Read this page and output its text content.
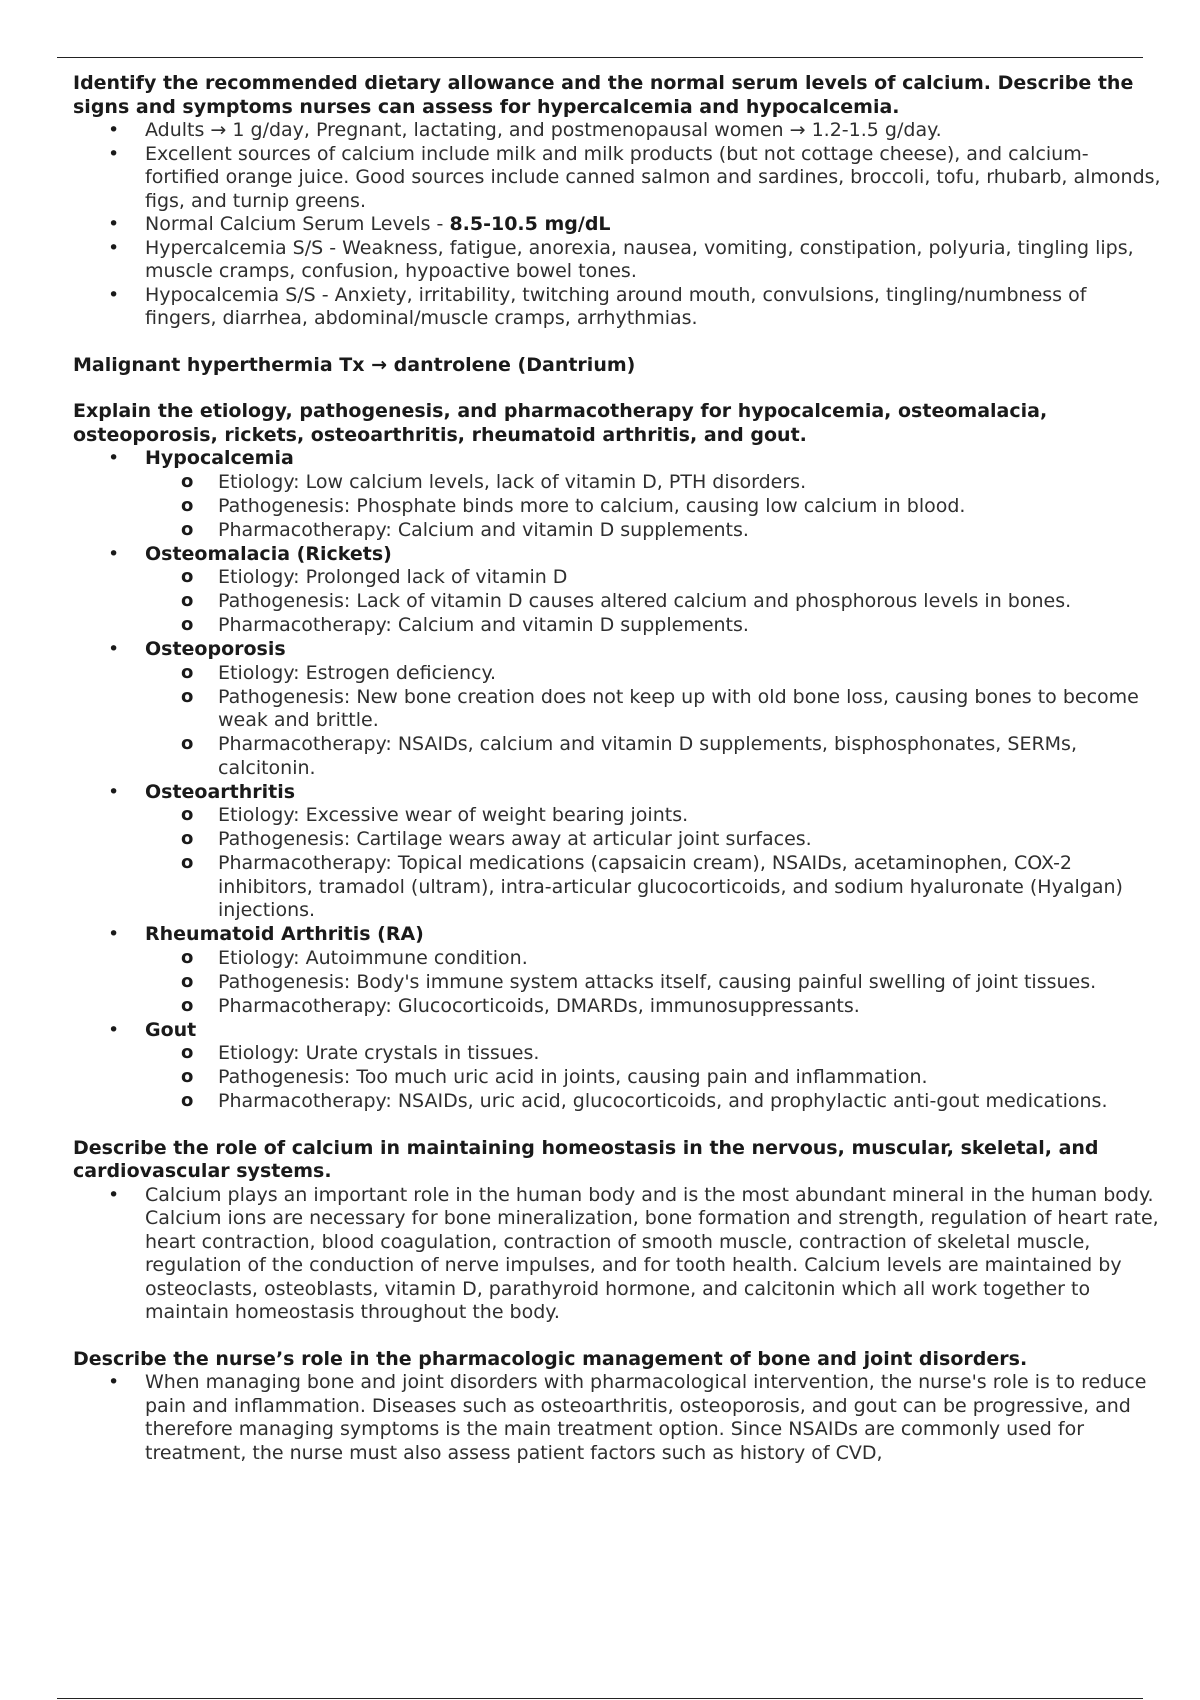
Identify the recommended dietary allowance and the normal serum levels of calcium. Describe the signs and symptoms nurses can assess for hypercalcemia and hypocalcemia.
• Adults → 1 g/day, Pregnant, lactating, and postmenopausal women → 1.2-1.5 g/day.
• Excellent sources of calcium include milk and milk products (but not cottage cheese), and calcium-fortified orange juice. Good sources include canned salmon and sardines, broccoli, tofu, rhubarb, almonds, figs, and turnip greens.
• Normal Calcium Serum Levels - 8.5-10.5 mg/dL
• Hypercalcemia S/S - Weakness, fatigue, anorexia, nausea, vomiting, constipation, polyuria, tingling lips, muscle cramps, confusion, hypoactive bowel tones.
• Hypocalcemia S/S - Anxiety, irritability, twitching around mouth, convulsions, tingling/numbness of fingers, diarrhea, abdominal/muscle cramps, arrhythmias.
Malignant hyperthermia Tx → dantrolene (Dantrium)
Explain the etiology, pathogenesis, and pharmacotherapy for hypocalcemia, osteomalacia, osteoporosis, rickets, osteoarthritis, rheumatoid arthritis, and gout.
• Hypocalcemia
o Etiology: Low calcium levels, lack of vitamin D, PTH disorders.
o Pathogenesis: Phosphate binds more to calcium, causing low calcium in blood.
o Pharmacotherapy: Calcium and vitamin D supplements.
• Osteomalacia (Rickets)
o Etiology: Prolonged lack of vitamin D
o Pathogenesis: Lack of vitamin D causes altered calcium and phosphorous levels in bones.
o Pharmacotherapy: Calcium and vitamin D supplements.
• Osteoporosis
o Etiology: Estrogen deficiency.
o Pathogenesis: New bone creation does not keep up with old bone loss, causing bones to become weak and brittle.
o Pharmacotherapy: NSAIDs, calcium and vitamin D supplements, bisphosphonates, SERMs, calcitonin.
• Osteoarthritis
o Etiology: Excessive wear of weight bearing joints.
o Pathogenesis: Cartilage wears away at articular joint surfaces.
o Pharmacotherapy: Topical medications (capsaicin cream), NSAIDs, acetaminophen, COX-2 inhibitors, tramadol (ultram), intra-articular glucocorticoids, and sodium hyaluronate (Hyalgan) injections.
• Rheumatoid Arthritis (RA)
o Etiology: Autoimmune condition.
o Pathogenesis: Body's immune system attacks itself, causing painful swelling of joint tissues.
o Pharmacotherapy: Glucocorticoids, DMARDs, immunosuppressants.
• Gout
o Etiology: Urate crystals in tissues.
o Pathogenesis: Too much uric acid in joints, causing pain and inflammation.
o Pharmacotherapy: NSAIDs, uric acid, glucocorticoids, and prophylactic anti-gout medications.
Describe the role of calcium in maintaining homeostasis in the nervous, muscular, skeletal, and cardiovascular systems.
• Calcium plays an important role in the human body and is the most abundant mineral in the human body. Calcium ions are necessary for bone mineralization, bone formation and strength, regulation of heart rate, heart contraction, blood coagulation, contraction of smooth muscle, contraction of skeletal muscle, regulation of the conduction of nerve impulses, and for tooth health. Calcium levels are maintained by osteoclasts, osteoblasts, vitamin D, parathyroid hormone, and calcitonin which all work together to maintain homeostasis throughout the body.
Describe the nurse’s role in the pharmacologic management of bone and joint disorders.
• When managing bone and joint disorders with pharmacological intervention, the nurse's role is to reduce pain and inflammation. Diseases such as osteoarthritis, osteoporosis, and gout can be progressive, and therefore managing symptoms is the main treatment option. Since NSAIDs are commonly used for treatment, the nurse must also assess patient factors such as history of CVD,
